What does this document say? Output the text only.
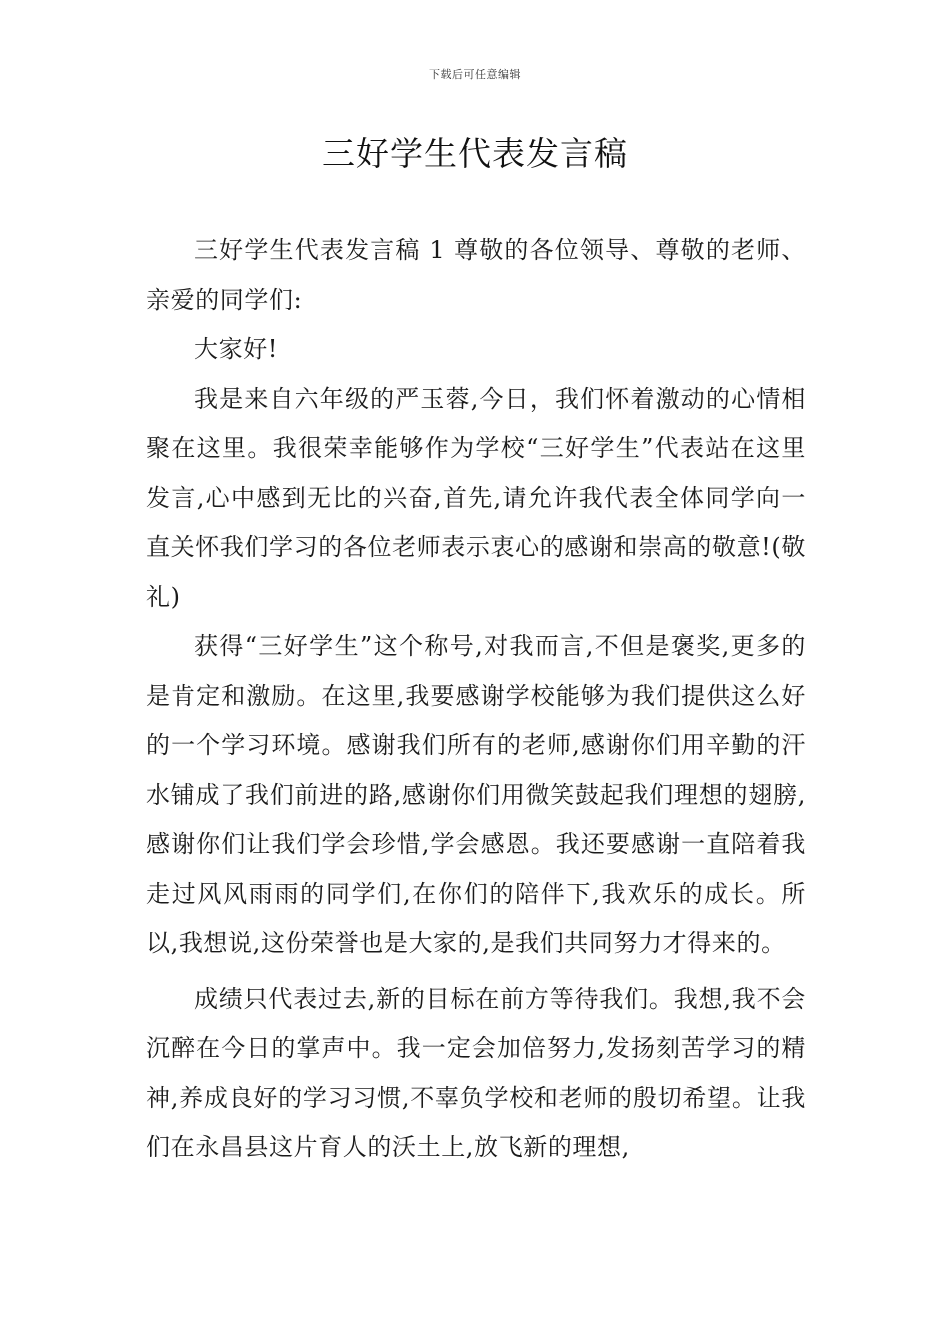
下载后可任意编辑
三好学生代表发言稿

三好学生代表发言稿 1 尊敬的各位领导、尊敬的老师、亲爱的同学们:

大家好!

我是来自六年级的严玉蓉,今日，我们怀着激动的心情相聚在这里。我很荣幸能够作为学校“三好学生”代表站在这里发言,心中感到无比的兴奋,首先,请允许我代表全体同学向一直关怀我们学习的各位老师表示衷心的感谢和崇高的敬意!(敬礼)

获得“三好学生”这个称号,对我而言,不但是褒奖,更多的是肯定和激励。在这里,我要感谢学校能够为我们提供这么好的一个学习环境。感谢我们所有的老师,感谢你们用辛勤的汗水铺成了我们前进的路,感谢你们用微笑鼓起我们理想的翅膀,感谢你们让我们学会珍惜,学会感恩。我还要感谢一直陪着我走过风风雨雨的同学们,在你们的陪伴下,我欢乐的成长。所以,我想说,这份荣誉也是大家的,是我们共同努力才得来的。

成绩只代表过去,新的目标在前方等待我们。我想,我不会沉醉在今日的掌声中。我一定会加倍努力,发扬刻苦学习的精神,养成良好的学习习惯,不辜负学校和老师的殷切希望。让我们在永昌县这片育人的沃土上,放飞新的理想,
